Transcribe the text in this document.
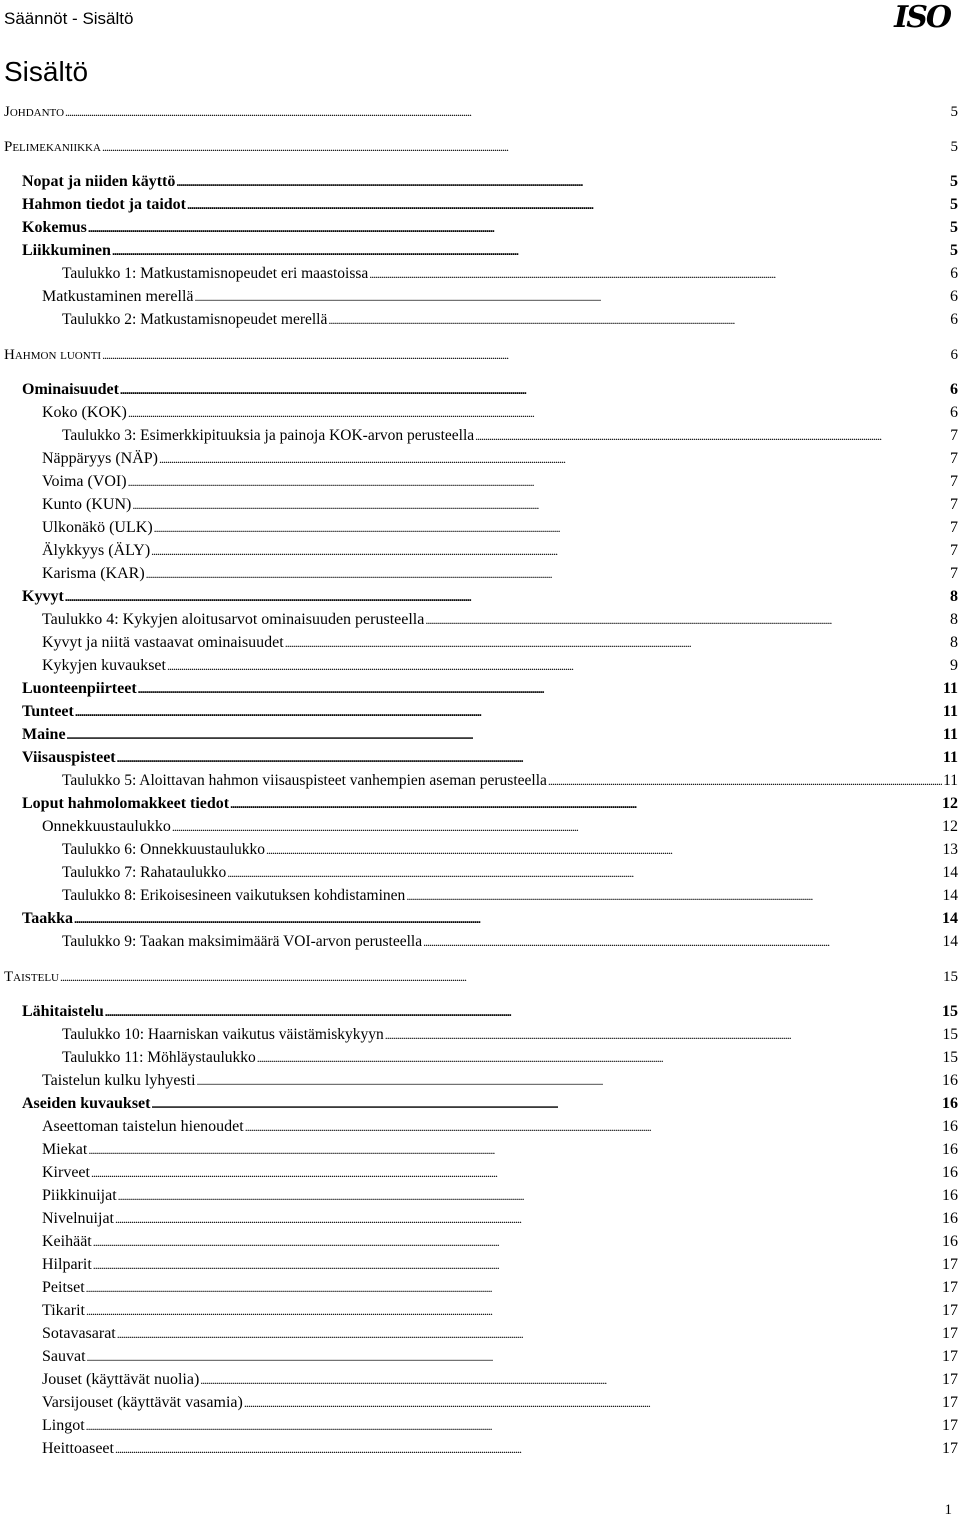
Säännöt - Sisältö	ISO
Sisältö
Johdanto . . .	5
Pelimekaniikka . . .	5
Nopat ja niiden käyttö . . .	5
Hahmon tiedot ja taidot . . .	5
Kokemus . . .	5
Liikkuminen . . .	5
Taulukko 1: Matkustamisnopeudet eri maastoissa . . .	6
Matkustaminen merellä . . .	6
Taulukko 2: Matkustamisnopeudet merellä . . .	6
Hahmon luonti . . .	6
Ominaisuudet . . .	6
Koko (KOK) . . .	6
Taulukko 3: Esimerkkipituuksia ja painoja KOK-arvon perusteella . . .	7
Näppäryys (NÄP) . . .	7
Voima (VOI) . . .	7
Kunto (KUN) . . .	7
Ulkonäkö (ULK) . . .	7
Älykkyys (ÄLY) . . .	7
Karisma (KAR) . . .	7
Kyvyt . . .	8
Taulukko 4: Kykyjen aloitusarvot ominaisuuden perusteella . . .	8
Kyvyt ja niitä vastaavat ominaisuudet . . .	8
Kykyjen kuvaukset . . .	9
Luonteenpiirteet . . .	11
Tunteet . . .	11
Maine . . .	11
Viisauspisteet . . .	11
Taulukko 5: Aloittavan hahmon viisauspisteet vanhempien aseman perusteella . . .	11
Loput hahmolomakkeet tiedot . . .	12
Onnekkuustaulukko . . .	12
Taulukko 6: Onnekkuustaulukko . . .	13
Taulukko 7: Rahataulukko . . .	14
Taulukko 8: Erikoisesineen vaikutuksen kohdistaminen . . .	14
Taakka . . .	14
Taulukko 9: Taakan maksimimäärä VOI-arvon perusteella . . .	14
Taistelu . . .	15
Lähitaistelu . . .	15
Taulukko 10: Haarniskan vaikutus väistämiskykyyn . . .	15
Taulukko 11: Möhläystaulukko . . .	15
Taistelun kulku lyhyesti . . .	16
Aseiden kuvaukset . . .	16
Aseettoman taistelun hienoudet . . .	16
Miekat . . .	16
Kirveet . . .	16
Piikkinuijat . . .	16
Nivelnuijat . . .	16
Keihäät . . .	16
Hilparit . . .	17
Peitset . . .	17
Tikarit . . .	17
Sotavasarat . . .	17
Sauvat . . .	17
Jouset (käyttävät nuolia) . . .	17
Varsijouset (käyttävät vasamia) . . .	17
Lingot . . .	17
Heittoaseet . . .	17
1
